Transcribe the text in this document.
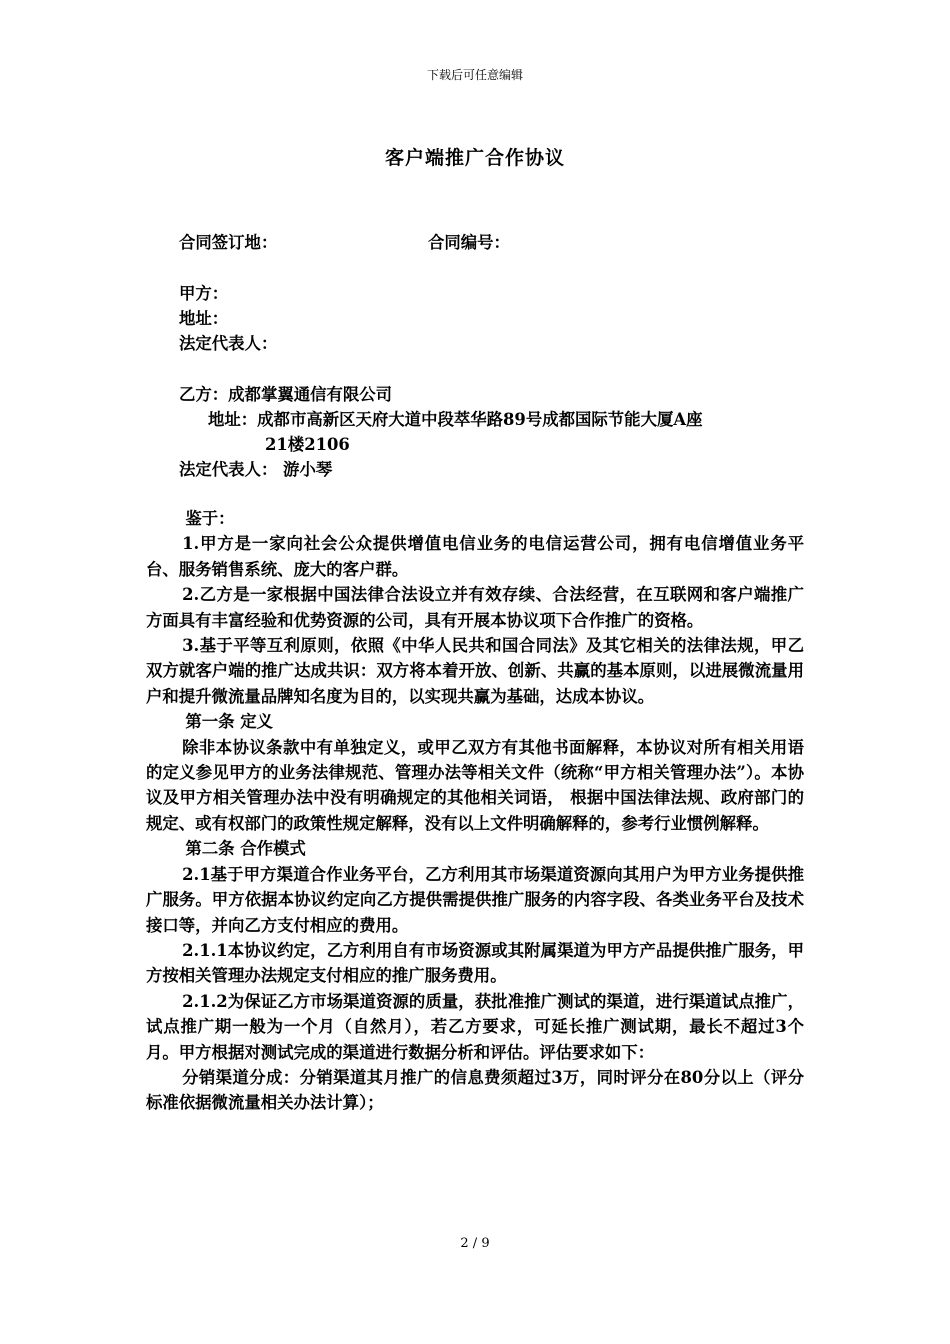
下载后可任意编辑
客户端推广合作协议
合同签订地：	合同编号：
甲方：
地址：
法定代表人：
乙方：成都掌翼通信有限公司
地址：成都市高新区天府大道中段萃华路89号成都国际节能大厦A座
21楼2106
法定代表人： 游小琴

鉴于：

1.甲方是一家向社会公众提供增值电信业务的电信运营公司，拥有电信增值业务平台、服务销售系统、庞大的客户群。

2.乙方是一家根据中国法律合法设立并有效存续、合法经营，在互联网和客户端推广方面具有丰富经验和优势资源的公司，具有开展本协议项下合作推广的资格。

3.基于平等互利原则，依照《中华人民共和国合同法》及其它相关的法律法规，甲乙双方就客户端的推广达成共识：双方将本着开放、创新、共赢的基本原则，以进展微流量用户和提升微流量品牌知名度为目的，以实现共赢为基础，达成本协议。

第一条 定义

除非本协议条款中有单独定义，或甲乙双方有其他书面解释，本协议对所有相关用语的定义参见甲方的业务法律规范、管理办法等相关文件（统称“甲方相关管理办法”）。本协议及甲方相关管理办法中没有明确规定的其他相关词语， 根据中国法律法规、政府部门的规定、或有权部门的政策性规定解释，没有以上文件明确解释的，参考行业惯例解释。

第二条 合作模式

2.1基于甲方渠道合作业务平台，乙方利用其市场渠道资源向其用户为甲方业务提供推广服务。甲方依据本协议约定向乙方提供需提供推广服务的内容字段、各类业务平台及技术接口等，并向乙方支付相应的费用。

2.1.1本协议约定，乙方利用自有市场资源或其附属渠道为甲方产品提供推广服务，甲方按相关管理办法规定支付相应的推广服务费用。

2.1.2为保证乙方市场渠道资源的质量，获批准推广测试的渠道，进行渠道试点推广，试点推广期一般为一个月（自然月），若乙方要求，可延长推广测试期，最长不超过3个月。甲方根据对测试完成的渠道进行数据分析和评估。评估要求如下：

分销渠道分成：分销渠道其月推广的信息费须超过3万，同时评分在80分以上（评分标准依据微流量相关办法计算）；

2 / 9
